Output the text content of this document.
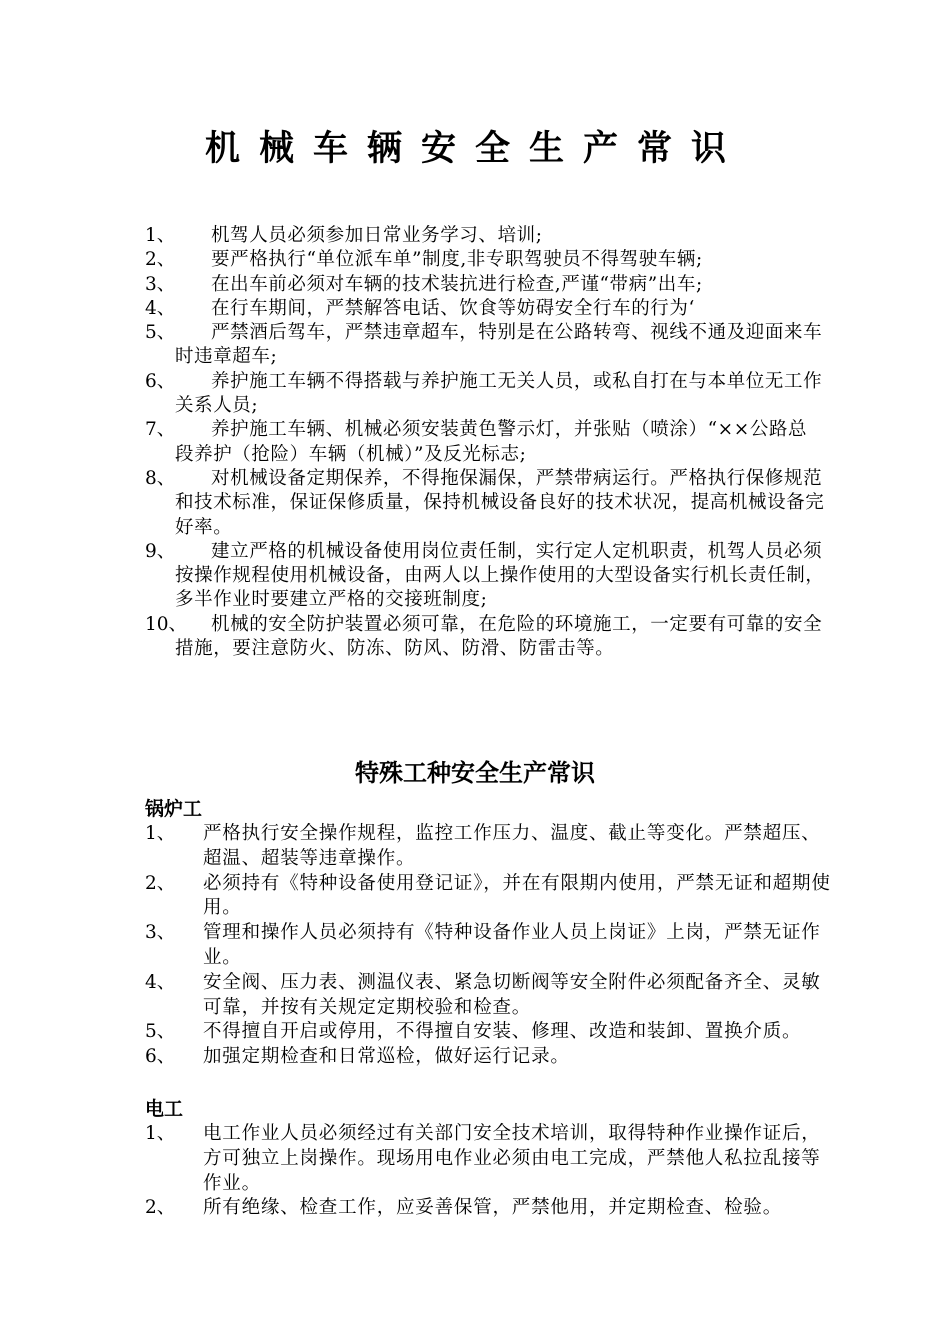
机械车辆安全生产常识
1、	机驾人员必须参加日常业务学习、培训;
2、	要严格执行“单位派车单”制度,非专职驾驶员不得驾驶车辆;
3、	在出车前必须对车辆的技术装抗进行检查,严谨“带病”出车;
4、	在行车期间，严禁解答电话、饮食等妨碍安全行车的行为‘
5、	严禁酒后驾车，严禁违章超车，特别是在公路转弯、视线不通及迎面来车时违章超车;
6、	养护施工车辆不得搭载与养护施工无关人员，或私自打在与本单位无工作关系人员;
7、	养护施工车辆、机械必须安装黄色警示灯，并张贴（喷涂）“××公路总段养护（抢险）车辆（机械）”及反光标志;
8、	对机械设备定期保养，不得拖保漏保，严禁带病运行。严格执行保修规范和技术标准，保证保修质量，保持机械设备良好的技术状况，提高机械设备完好率。
9、	建立严格的机械设备使用岗位责任制，实行定人定机职责，机驾人员必须按操作规程使用机械设备，由两人以上操作使用的大型设备实行机长责任制，多半作业时要建立严格的交接班制度;
10、	机械的安全防护装置必须可靠，在危险的环境施工，一定要有可靠的安全措施，要注意防火、防冻、防风、防滑、防雷击等。
特殊工种安全生产常识
锅炉工
1、	严格执行安全操作规程，监控工作压力、温度、截止等变化。严禁超压、超温、超装等违章操作。
2、	必须持有《特种设备使用登记证》，并在有限期内使用，严禁无证和超期使用。
3、	管理和操作人员必须持有《特种设备作业人员上岗证》上岗，严禁无证作业。
4、	安全阀、压力表、测温仪表、紧急切断阀等安全附件必须配备齐全、灵敏可靠，并按有关规定定期校验和检查。
5、	不得擅自开启或停用，不得擅自安装、修理、改造和装卸、置换介质。
6、	加强定期检查和日常巡检，做好运行记录。
电工
1、	电工作业人员必须经过有关部门安全技术培训，取得特种作业操作证后，方可独立上岗操作。现场用电作业必须由电工完成，严禁他人私拉乱接等作业。
2、	所有绝缘、检查工作，应妥善保管，严禁他用，并定期检查、检验。
